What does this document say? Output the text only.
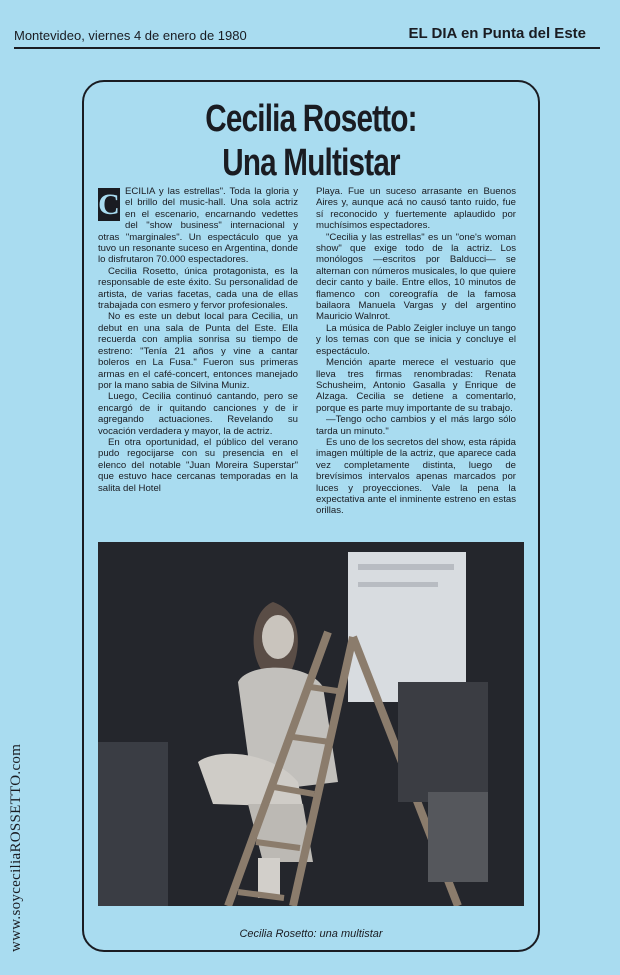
Montevideo, viernes 4 de enero de 1980	EL DIA en Punta del Este
Cecilia Rosetto:
Una Multistar

C ECILIA y las estrellas". Toda la gloria y el brillo del music-hall. Una sola actriz en el escenario, encarnando vedettes del "show business" internacional y otras "marginales". Un espectáculo que ya tuvo un resonante suceso en Argentina, donde lo disfrutaron 70.000 espectadores.

Cecilia Rosetto, única protagonista, es la responsable de este éxito. Su personalidad de artista, de varias facetas, cada una de ellas trabajada con esmero y fervor profesionales.

No es este un debut local para Cecilia, un debut en una sala de Punta del Este. Ella recuerda con amplia sonrisa su tiempo de estreno: "Tenía 21 años y vine a cantar boleros en La Fusa." Fueron sus primeras armas en el café-concert, entonces manejado por la mano sabia de Silvina Muniz.

Luego, Cecilia continuó cantando, pero se encargó de ir quitando canciones y de ir agregando actuaciones. Revelando su vocación verdadera y mayor, la de actriz.

En otra oportunidad, el público del verano pudo regocijarse con su presencia en el elenco del notable "Juan Moreira Superstar" que estuvo hace cercanas temporadas en la salita del Hotel

Playa. Fue un suceso arrasante en Buenos Aires y, aunque acá no causó tanto ruido, fue sí reconocido y fuertemente aplaudido por muchísimos espectadores.

"Cecilia y las estrellas" es un "one's woman show" que exige todo de la actriz. Los monólogos —escritos por Balducci— se alternan con números musicales, lo que quiere decir canto y baile. Entre ellos, 10 minutos de flamenco con coreografía de la famosa bailaora Manuela Vargas y del argentino Mauricio Walnrot.

La música de Pablo Zeigler incluye un tango y los temas con que se inicia y concluye el espectáculo.

Mención aparte merece el vestuario que lleva tres firmas renombradas: Renata Schusheim, Antonio Gasalla y Enrique de Alzaga. Cecilia se detiene a comentarlo, porque es parte muy importante de su trabajo.

—Tengo ocho cambios y el más largo sólo tarda un minuto."

Es uno de los secretos del show, esta rápida imagen múltiple de la actriz, que aparece cada vez completamente distinta, luego de brevísimos intervalos apenas marcados por luces y proyecciones. Vale la pena la expectativa ante el inminente estreno en estas orillas.

Cecilia Rosetto: una multistar
www.soyceciliaROSSETTO.com
